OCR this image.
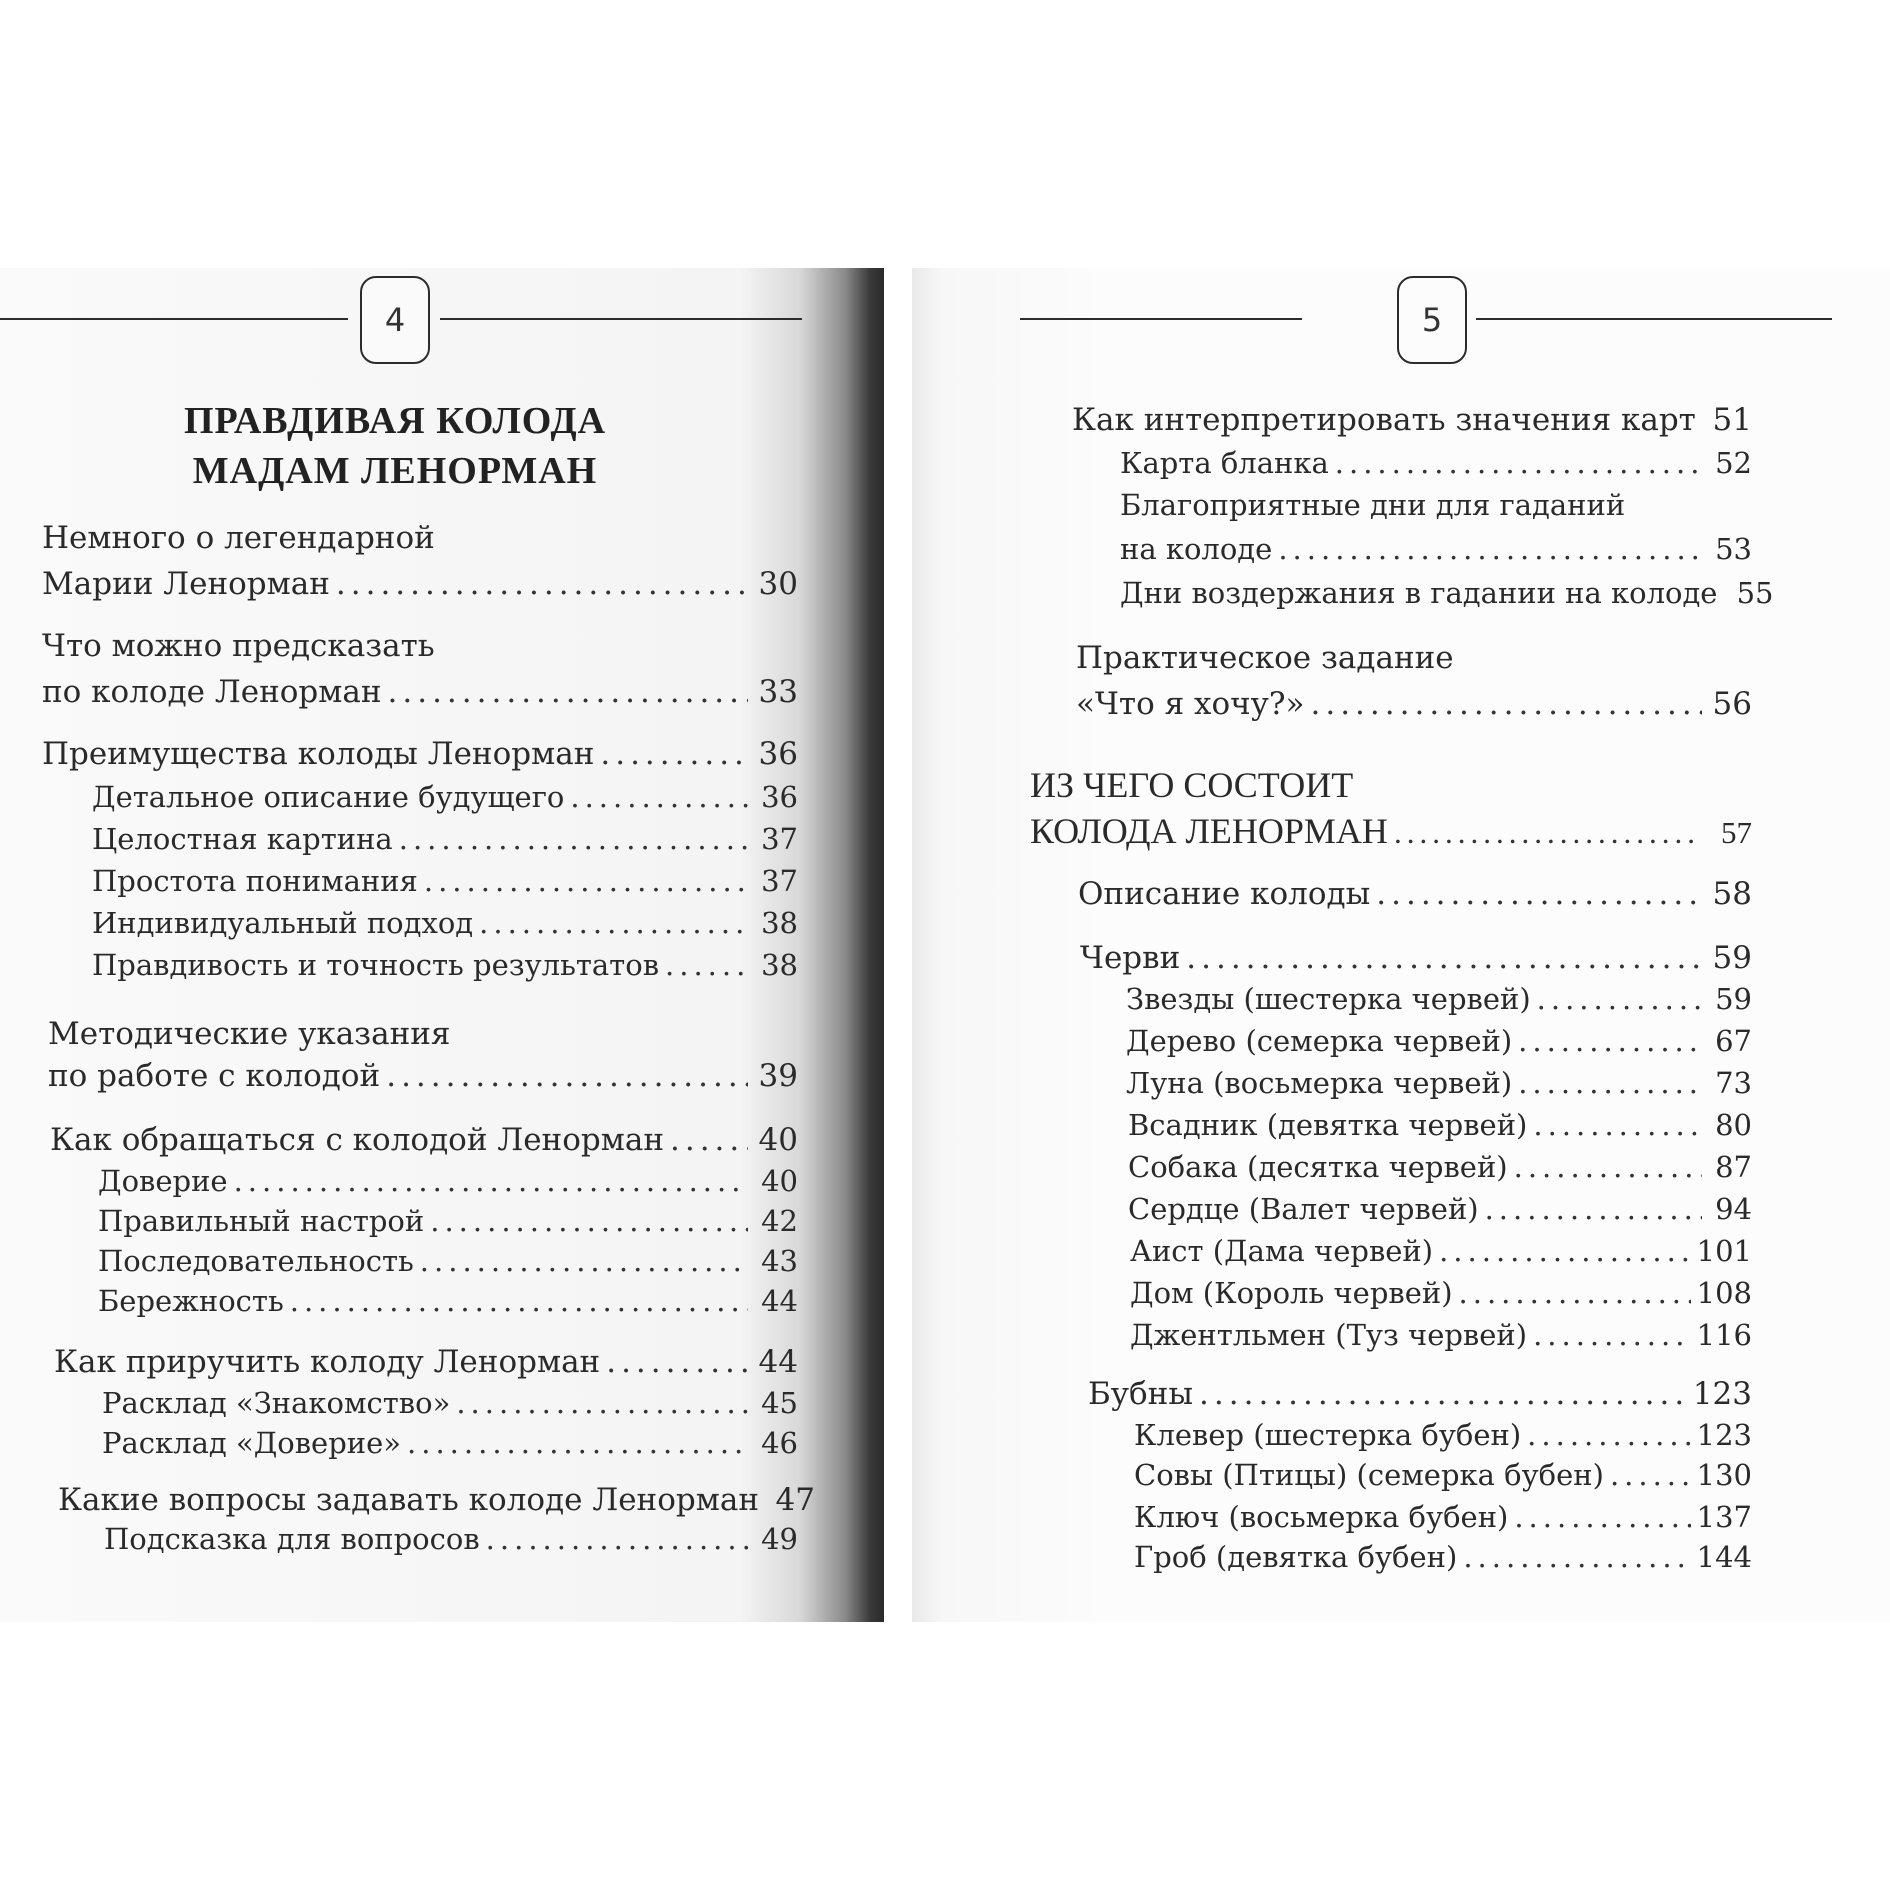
4
ПРАВДИВАЯ КОЛОДА
МАДАМ ЛЕНОРМАН
Немного о легендарной
Марии Ленорман .....	30
Что можно предсказать
по колоде Ленорман .....	33
Преимущества колоды Ленорман .....	36
Детальное описание будущего .....	36
Целостная картина .....	37
Простота понимания .....	37
Индивидуальный подход .....	38
Правдивость и точность результатов .....	38
Методические указания
по работе с колодой .....	39
Как обращаться с колодой Ленорман .....	40
Доверие .....	40
Правильный настрой .....	42
Последовательность .....	43
Бережность .....	44
Как приручить колоду Ленорман .....	44
Расклад «Знакомство» .....	45
Расклад «Доверие» .....	46
Какие вопросы задавать колоде Ленорман 47
Подсказка для вопросов .....	49
5
Как интерпретировать значения карт ..... 51
Карта бланка .....	52
Благоприятные дни для гаданий
на колоде .....	53
Дни воздержания в гадании на колоде 55
Практическое задание
«Что я хочу?» .....	56
ИЗ ЧЕГО СОСТОИТ
КОЛОДА ЛЕНОРМАН .....	57
Описание колоды .....	58
Черви .....	59
Звезды (шестерка червей) .....	59
Дерево (семерка червей) .....	67
Луна (восьмерка червей) .....	73
Всадник (девятка червей) .....	80
Собака (десятка червей) .....	87
Сердце (Валет червей) .....	94
Аист (Дама червей) .....	101
Дом (Король червей) .....	108
Джентльмен (Туз червей) .....	116
Бубны .....	123
Клевер (шестерка бубен) .....	123
Совы (Птицы) (семерка бубен) .....	130
Ключ (восьмерка бубен) .....	137
Гроб (девятка бубен) .....	144
